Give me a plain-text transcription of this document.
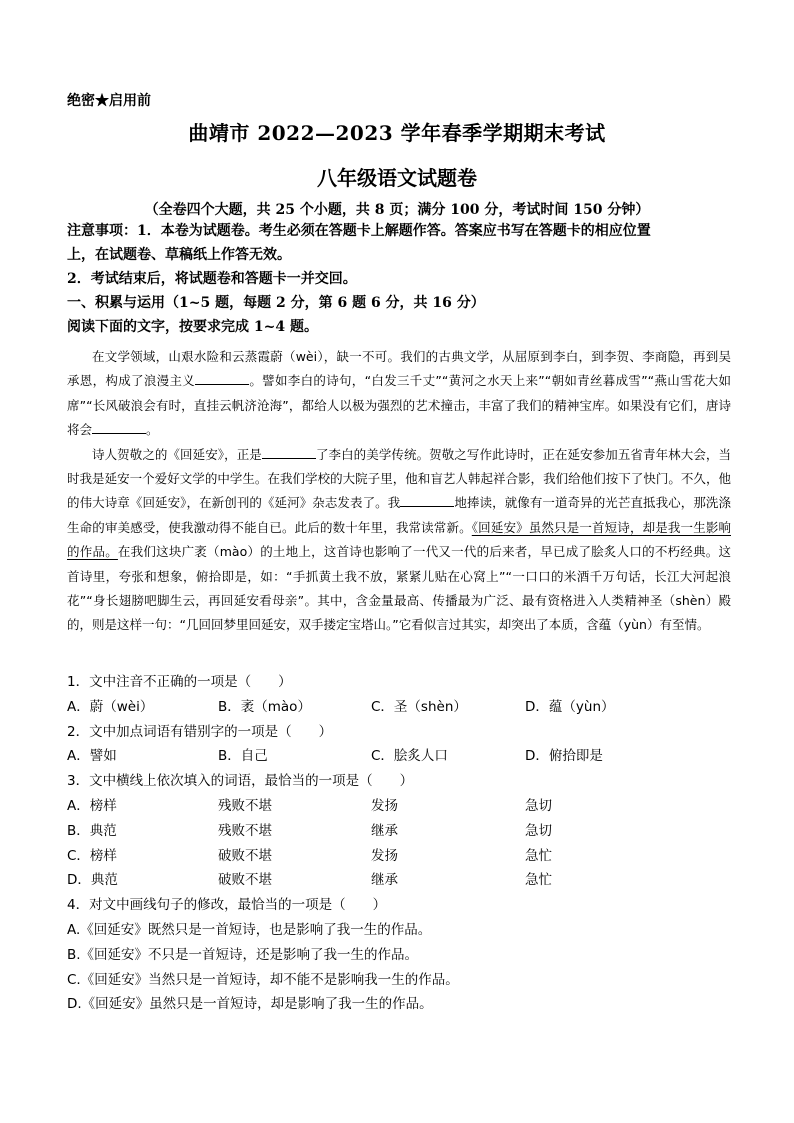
绝密★启用前
曲靖市 2022—2023 学年春季学期期末考试
八年级语文试题卷
（全卷四个大题，共 25 个小题，共 8 页；满分 100 分，考试时间 150 分钟）
注意事项：1．本卷为试题卷。考生必须在答题卡上解题作答。答案应书写在答题卡的相应位置
上，在试题卷、草稿纸上作答无效。
2．考试结束后，将试题卷和答题卡一并交回。
一、积累与运用（1~5 题，每题 2 分，第 6 题 6 分，共 16 分）
阅读下面的文字，按要求完成 1~4 题。

在文学领域，山艰水险和云蒸霞蔚（wèi），缺一不可。我们的古典文学，从屈原到李白，到李贺、李商隐，再到吴承恩，构成了浪漫主义	。譬如李白的诗句，“白发三千丈”“黄河之水天上来”“朝如青丝暮成雪”“燕山雪花大如席”“长风破浪会有时，直挂云帆济沧海”，都给人以极为强烈的艺术撞击，丰富了我们的精神宝库。如果没有它们，唐诗将会	。

诗人贺敬之的《回延安》，正是	了李白的美学传统。贺敬之写作此诗时，正在延安参加五省青年林大会，当时我是延安一个爱好文学的中学生。在我们学校的大院子里，他和盲艺人韩起祥合影，我们给他们按下了快门。不久，他的伟大诗章《回延安》，在新创刊的《延河》杂志发表了。我	地捧读，就像有一道奇异的光芒直抵我心，那洗涤生命的审美感受，使我激动得不能自已。此后的数十年里，我常读常新。《回延安》虽然只是一首短诗，却是我一生影响的作品。在我们这块广袤（mào）的土地上，这首诗也影响了一代又一代的后来者，早已成了脍炙人口的不朽经典。这首诗里，夸张和想象，俯拾即是，如：“手抓黄土我不放，紧紧儿贴在心窝上”“一口口的米酒千万句话，长江大河起浪花”“身长翅膀吧脚生云，再回延安看母亲”。其中，含金量最高、传播最为广泛、最有资格进入人类精神圣（shèn）殿的，则是这样一句：“几回回梦里回延安，双手搂定宝塔山。”它看似言过其实，却突出了本质，含蕴（yùn）有至情。

1．文中注音不正确的一项是（　　）
A．蔚（wèi）	B．袤（mào）	C．圣（shèn）	D．蕴（yùn）
2．文中加点词语有错别字的一项是（　　）
A．譬如	B．自己	C．脍炙人口	D．俯拾即是
3．文中横线上依次填入的词语，最恰当的一项是（　　）
A．榜样	残败不堪	发扬	急切
B．典范	残败不堪	继承	急切
C．榜样	破败不堪	发扬	急忙
D．典范	破败不堪	继承	急忙
4．对文中画线句子的修改，最恰当的一项是（　　）
A.《回延安》既然只是一首短诗，也是影响了我一生的作品。
B.《回延安》不只是一首短诗，还是影响了我一生的作品。
C.《回延安》当然只是一首短诗，却不能不是影响我一生的作品。
D.《回延安》虽然只是一首短诗，却是影响了我一生的作品。
